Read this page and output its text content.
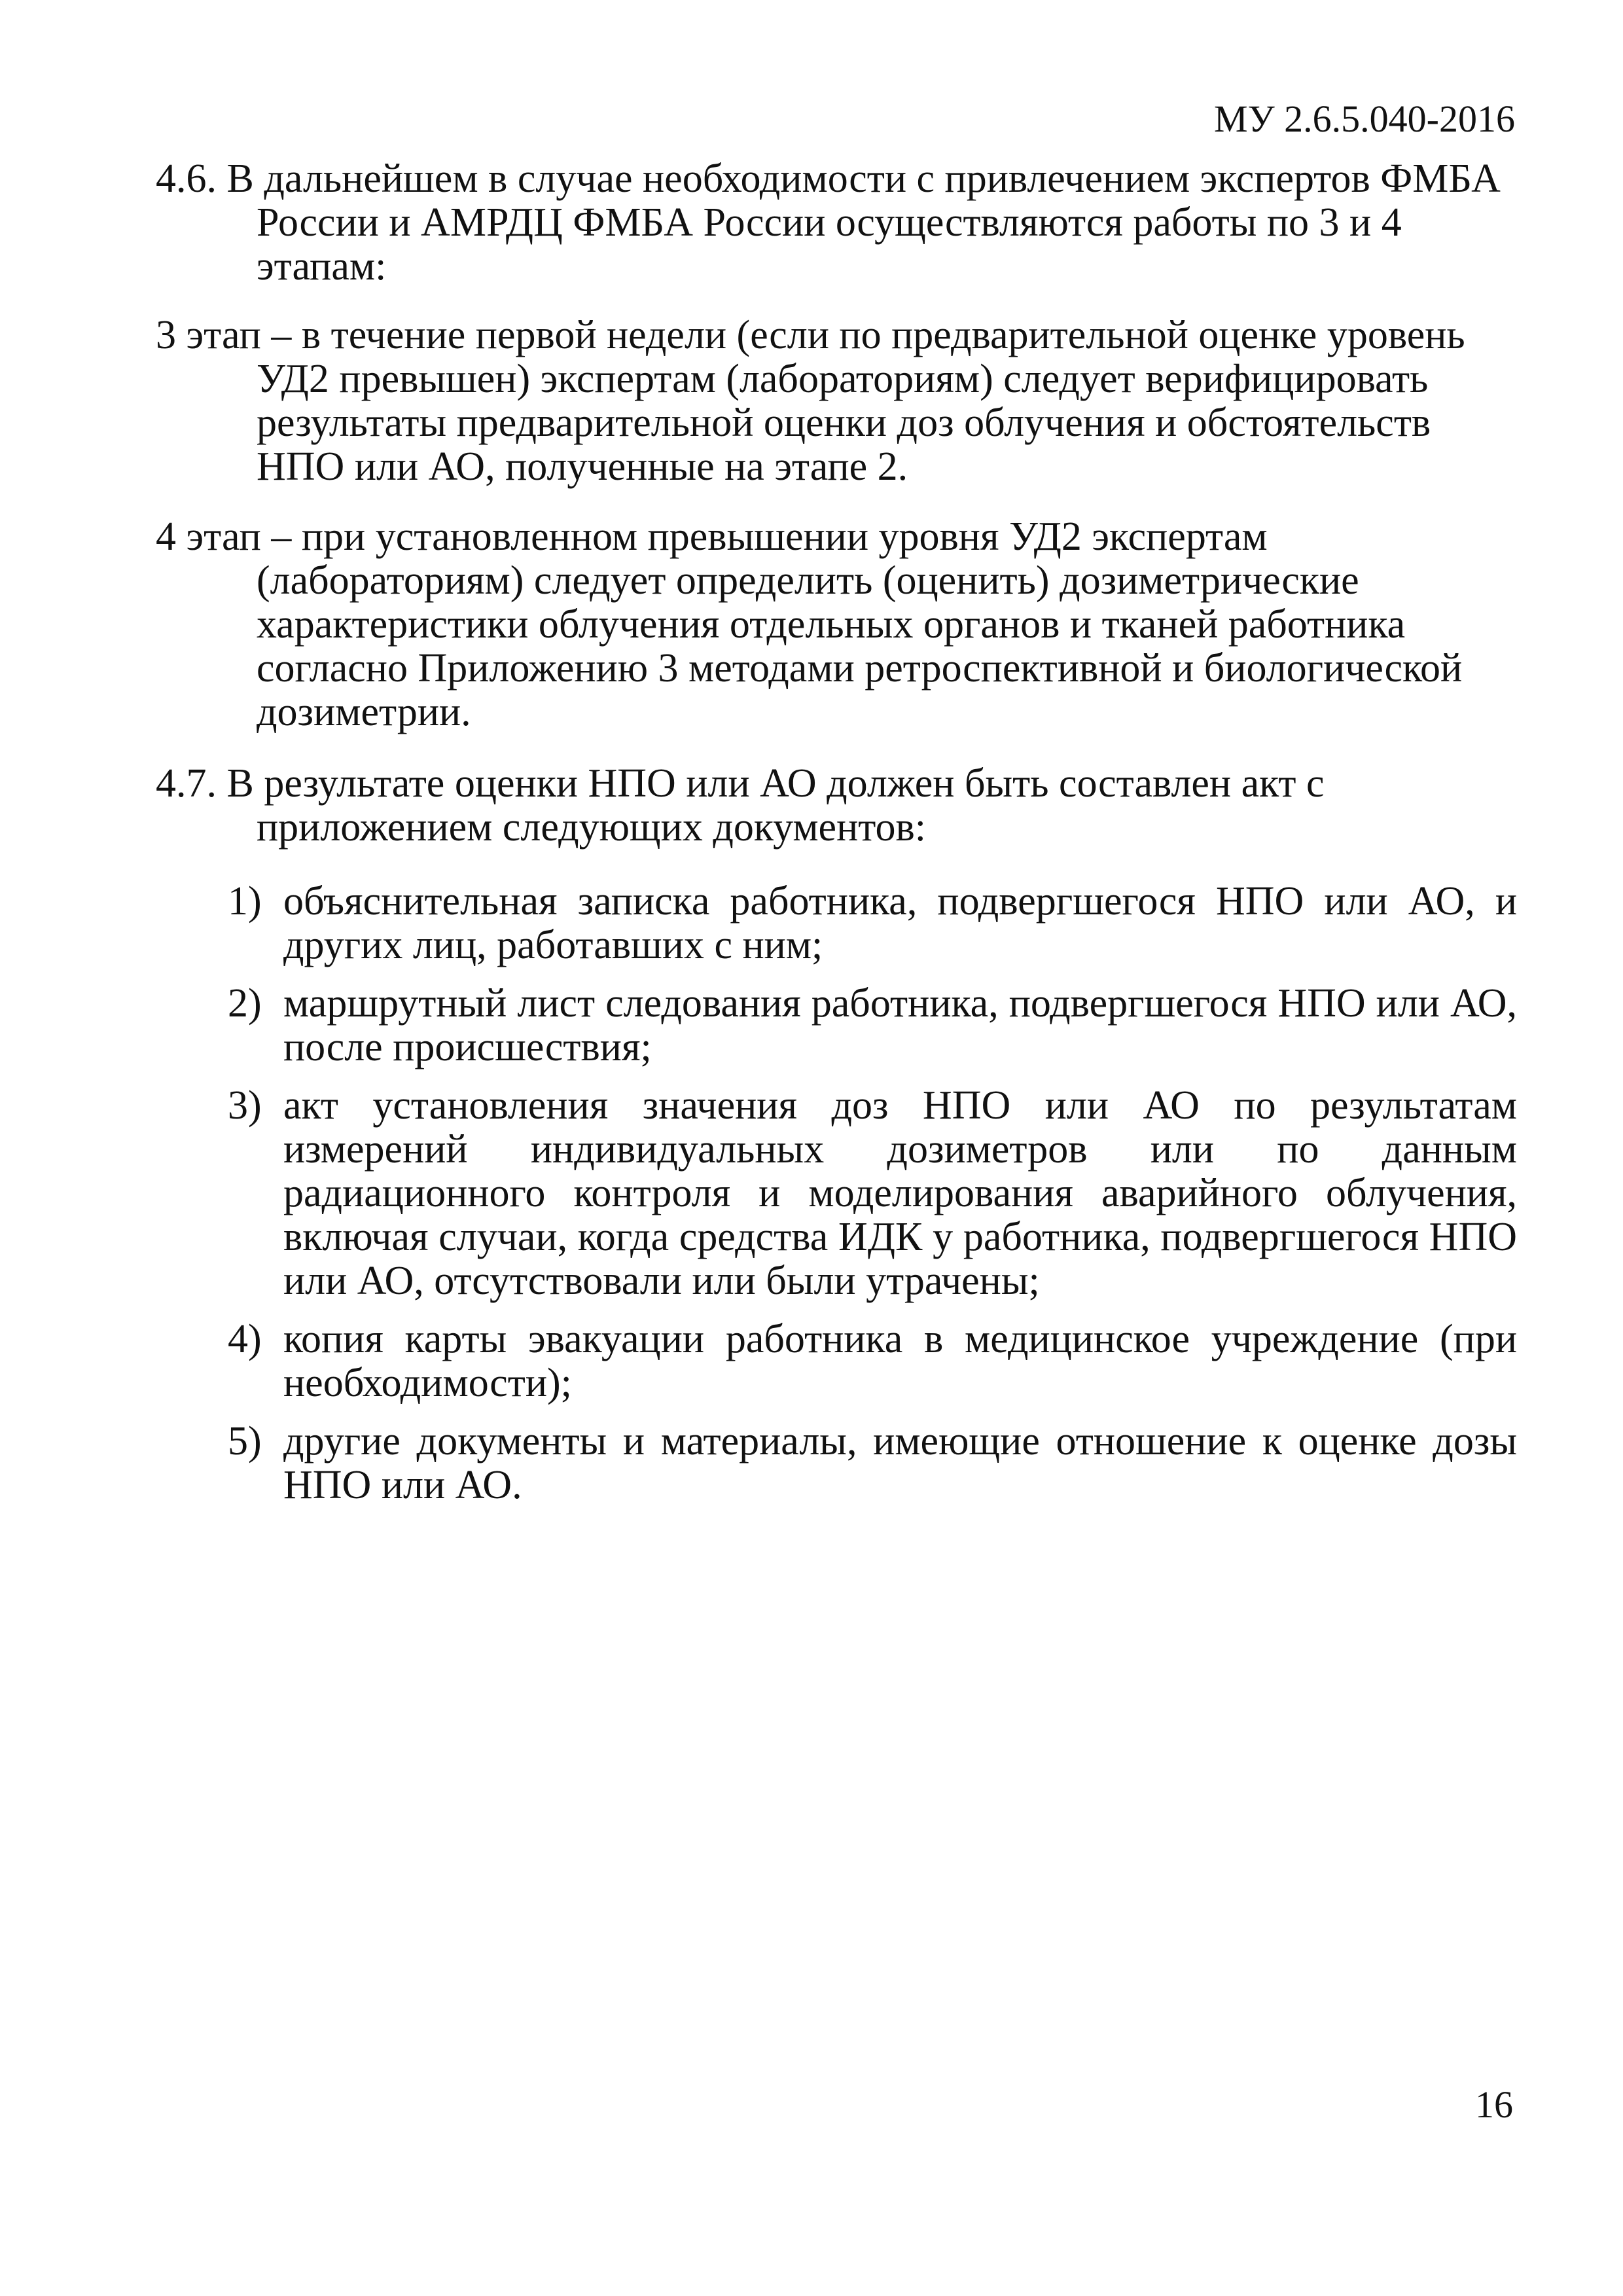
МУ 2.6.5.040-2016

4.6. В дальнейшем в случае необходимости с привлечением экспертов ФМБА России и АМРДЦ ФМБА России осуществляются работы по 3 и 4 этапам:

3 этап – в течение первой недели (если по предварительной оценке уровень УД2 превышен) экспертам (лабораториям) следует верифицировать результаты предварительной оценки доз облучения и обстоятельств НПО или АО, полученные на этапе 2.

4 этап – при установленном превышении уровня УД2 экспертам (лабораториям) следует определить (оценить) дозиметрические характеристики облучения отдельных органов и тканей работника согласно Приложению 3 методами ретроспективной и биологической дозиметрии.

4.7. В результате оценки НПО или АО должен быть составлен акт с приложением следующих документов:

1) объяснительная записка работника, подвергшегося НПО или АО, и других лиц, работавших с ним;
2) маршрутный лист следования работника, подвергшегося НПО или АО, после происшествия;
3) акт установления значения доз НПО или АО по результатам измерений индивидуальных дозиметров или по данным радиационного контроля и моделирования аварийного облучения, включая случаи, когда средства ИДК у работника, подвергшегося НПО или АО, отсутствовали или были утрачены;
4) копия карты эвакуации работника в медицинское учреждение (при необходимости);
5) другие документы и материалы, имеющие отношение к оценке дозы НПО или АО.
16
